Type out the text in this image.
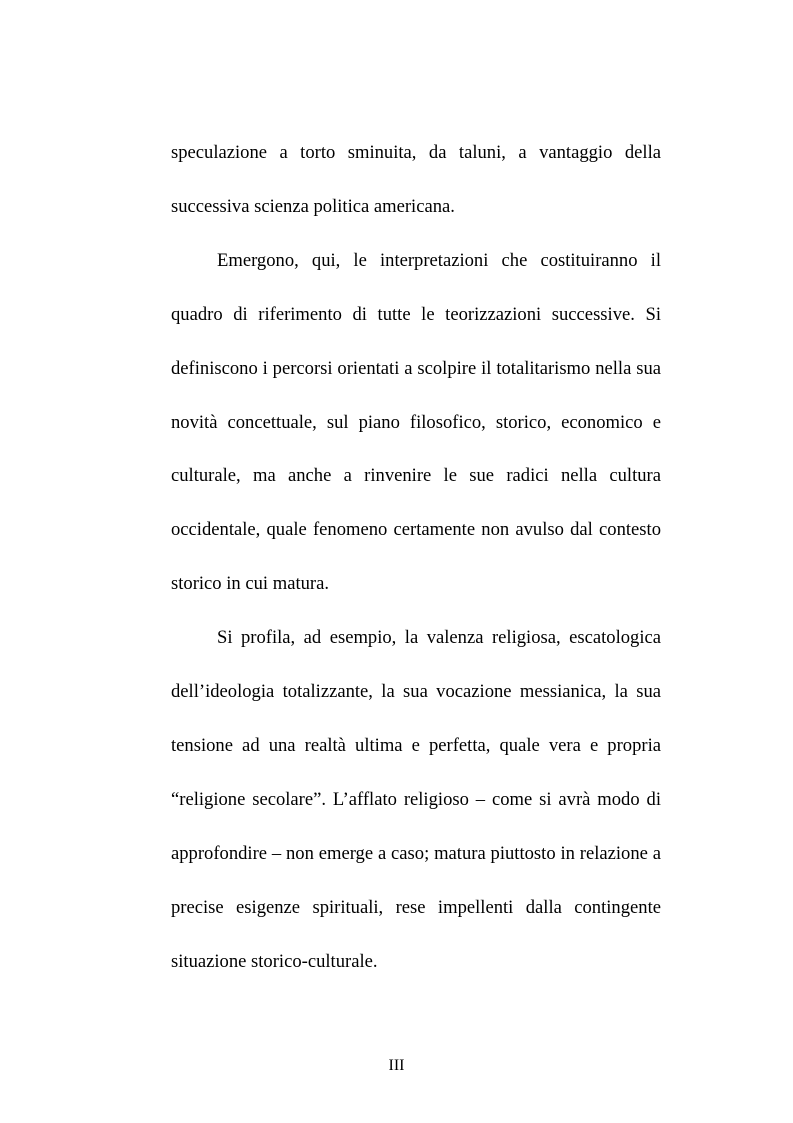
speculazione a torto sminuita, da taluni, a vantaggio della successiva scienza politica americana.

Emergono, qui, le interpretazioni che costituiranno il quadro di riferimento di tutte le teorizzazioni successive. Si definiscono i percorsi orientati a scolpire il totalitarismo nella sua novità concettuale, sul piano filosofico, storico, economico e culturale, ma anche a rinvenire le sue radici nella cultura occidentale, quale fenomeno certamente non avulso dal contesto storico in cui matura.

Si profila, ad esempio, la valenza religiosa, escatologica dell’ideologia totalizzante, la sua vocazione messianica, la sua tensione ad una realtà ultima e perfetta, quale vera e propria “religione secolare”. L’afflato religioso – come si avrà modo di approfondire – non emerge a caso; matura piuttosto in relazione a precise esigenze spirituali, rese impellenti dalla contingente situazione storico-culturale.

III
